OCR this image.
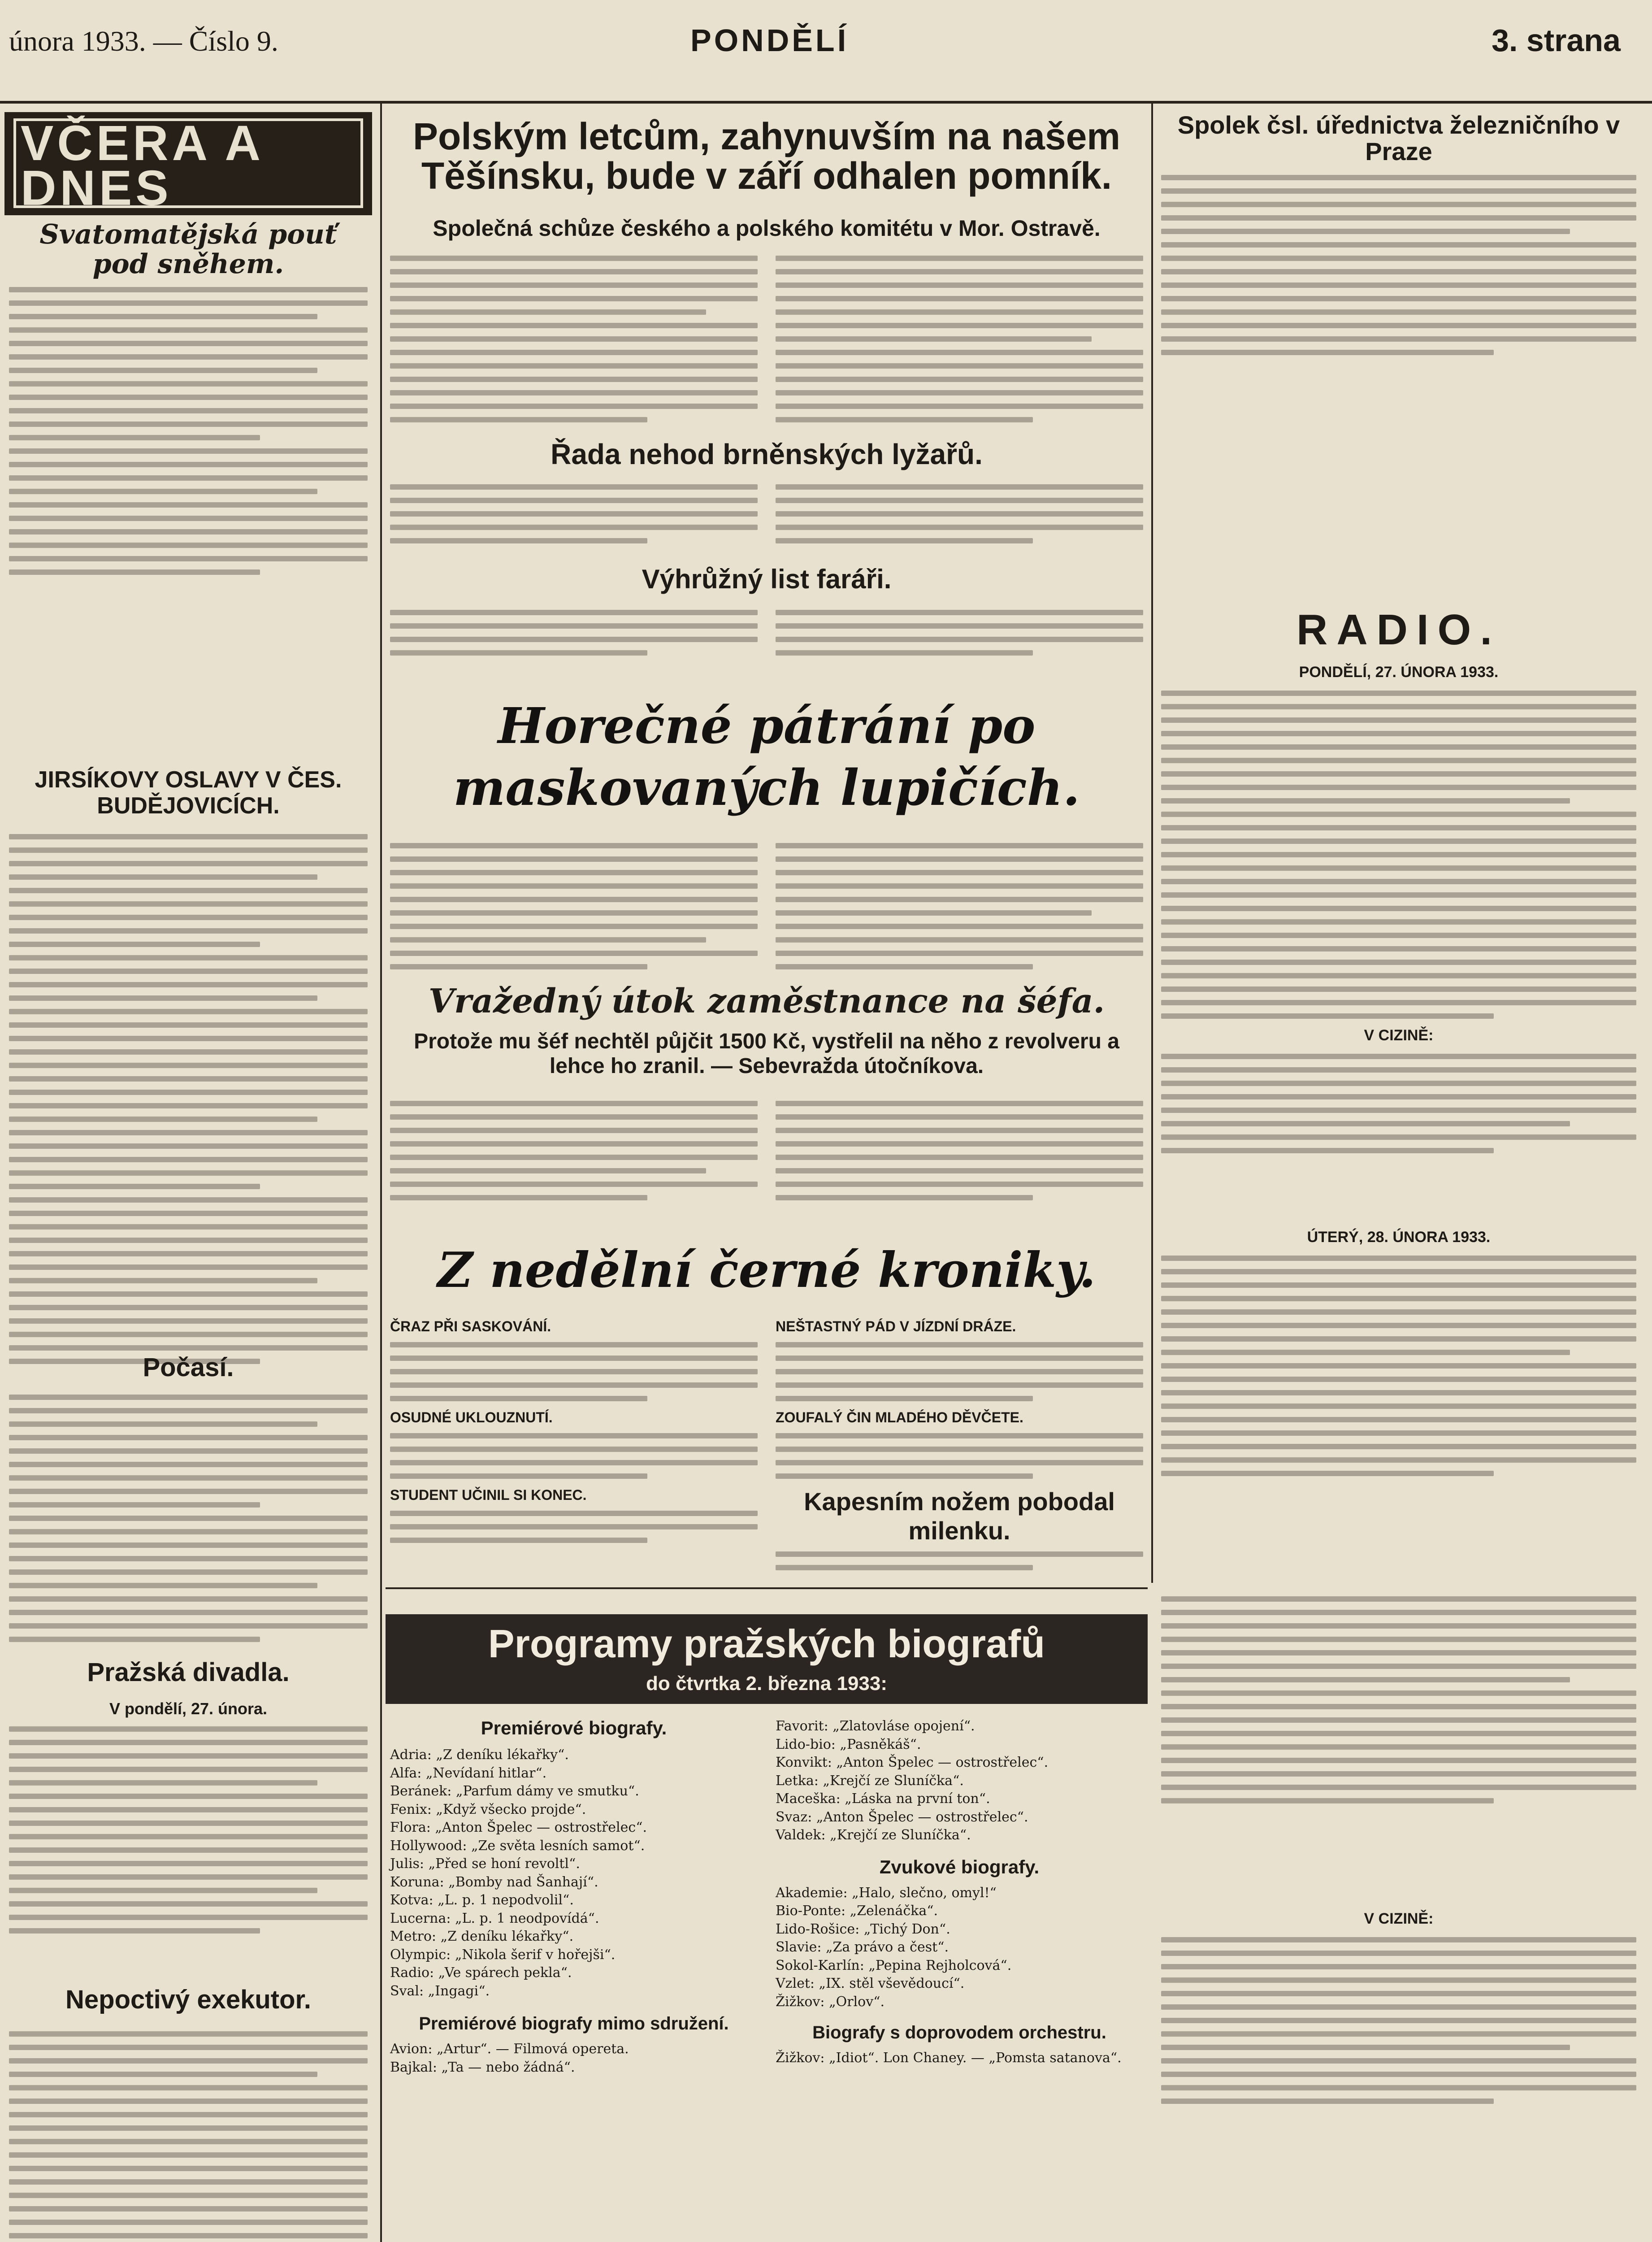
února 1933. — Číslo 9.	PONDĚLÍ	3. strana
VČERA A DNES
Svatomatějská pouť pod sněhem.
JIRSÍKOVY OSLAVY V ČES. BUDĚJOVICÍCH.
Počasí.
Pražská divadla.
V pondělí, 27. února.
Nepoctivý exekutor.
Polským letcům, zahynuvším na našem Těšínsku, bude v září odhalen pomník.
Společná schůze českého a polského komitétu v Mor. Ostravě.
Řada nehod brněnských lyžařů.
Výhrůžný list faráři.
Horečné pátrání po maskovaných lupičích.
Vražedný útok zaměstnance na šéfa.
Protože mu šéf nechtěl půjčit 1500 Kč, vystřelil na něho z revolveru a lehce ho zranil. — Sebevražda útočníkova.
Z nedělní černé kroniky.
ČRAZ PŘI SASKOVÁNÍ.
OSUDNÉ UKLOUZNUTÍ.
STUDENT UČINIL SI KONEC.
NEŠTASTNÝ PÁD V JÍZDNÍ DRÁZE.
ZOUFALÝ ČIN MLADÉHO DĚVČETE.
Kapesním nožem pobodal milenku.
Spolek čsl. úřednictva železničního v Praze
RADIO.
PONDĚLÍ, 27. ÚNORA 1933.
V CIZINĚ:
ÚTERÝ, 28. ÚNORA 1933.
Programy pražských biografů
do čtvrtka 2. března 1933:
Premiérové biografy.
Adria: „Z deníku lékařky“.
Alfa: „Nevídaní hitlar“.
Beránek: „Parfum dámy ve smutku“.
Fenix: „Když všecko projde“.
Flora: „Anton Špelec — ostrostřelec“.
Hollywood: „Ze světa lesních samot“.
Julis: „Před se honí revoltl“.
Koruna: „Bomby nad Šanhají“.
Kotva: „L. p. 1 nepodvolil“.
Lucerna: „L. p. 1 neodpovídá“.
Metro: „Z deníku lékařky“.
Olympic: „Nikola šerif v hořejši“.
Radio: „Ve spárech pekla“.
Sval: „Ingagi“.
Premiérové biografy mimo sdružení.
Avion: „Artur“. — Filmová opereta.
Bajkal: „Ta — nebo žádná“.
Favorit: „Zlatovláse opojení“.
Lido-bio: „Pasněkáš“.
Konvikt: „Anton Špelec — ostrostřelec“.
Letka: „Krejčí ze Sluníčka“.
Maceška: „Láska na první ton“.
Svaz: „Anton Špelec — ostrostřelec“.
Valdek: „Krejčí ze Sluníčka“.
Zvukové biografy.
Akademie: „Halo, slečno, omyl!“
Bio-Ponte: „Zelenáčka“.
Lido-Rošice: „Tichý Don“.
Slavie: „Za právo a čest“.
Sokol-Karlín: „Pepina Rejholcová“.
Vzlet: „IX. stěl vševědoucí“.
Žižkov: „Orlov“.
Biografy s doprovodem orchestru.
Žižkov: „Idiot“. Lon Chaney. — „Pomsta satanova“.
V CIZINĚ:
